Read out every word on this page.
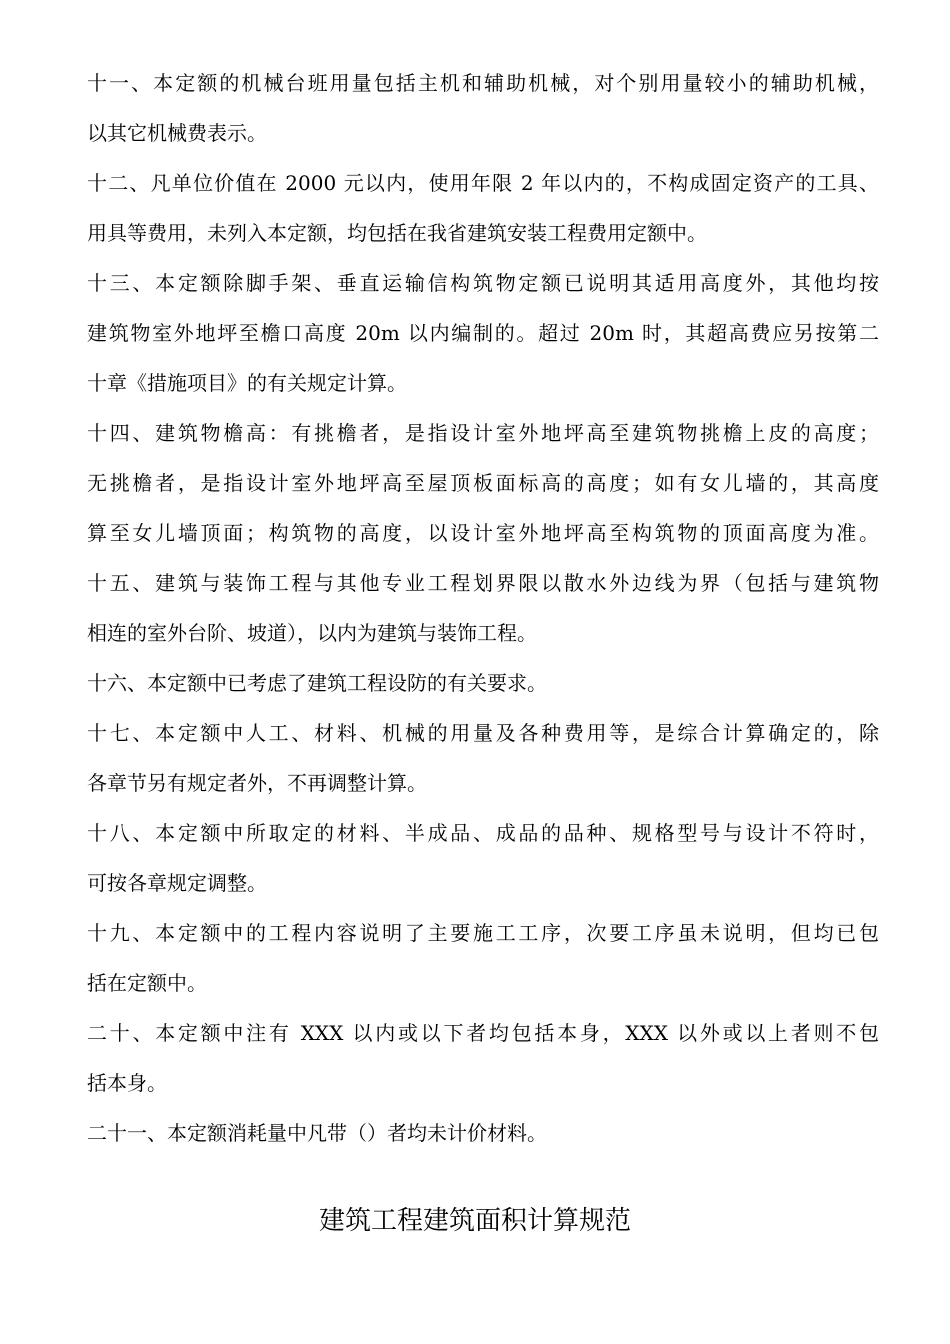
十一、本定额的机械台班用量包括主机和辅助机械，对个别用量较小的辅助机械，
以其它机械费表示。
十二、凡单位价值在 2000 元以内，使用年限 2 年以内的，不构成固定资产的工具、
用具等费用，未列入本定额，均包括在我省建筑安装工程费用定额中。
十三、本定额除脚手架、垂直运输信构筑物定额已说明其适用高度外，其他均按
建筑物室外地坪至檐口高度 20m 以内编制的。超过 20m 时，其超高费应另按第二
十章《措施项目》的有关规定计算。
十四、建筑物檐高：有挑檐者，是指设计室外地坪高至建筑物挑檐上皮的高度；
无挑檐者，是指设计室外地坪高至屋顶板面标高的高度；如有女儿墙的，其高度
算至女儿墙顶面；构筑物的高度，以设计室外地坪高至构筑物的顶面高度为准。
十五、建筑与装饰工程与其他专业工程划界限以散水外边线为界（包括与建筑物
相连的室外台阶、坡道），以内为建筑与装饰工程。
十六、本定额中已考虑了建筑工程设防的有关要求。
十七、本定额中人工、材料、机械的用量及各种费用等，是综合计算确定的，除
各章节另有规定者外，不再调整计算。
十八、本定额中所取定的材料、半成品、成品的品种、规格型号与设计不符时，
可按各章规定调整。
十九、本定额中的工程内容说明了主要施工工序，次要工序虽未说明，但均已包
括在定额中。
二十、本定额中注有 XXX 以内或以下者均包括本身，XXX 以外或以上者则不包
括本身。
二十一、本定额消耗量中凡带（）者均未计价材料。
建筑工程建筑面积计算规范
